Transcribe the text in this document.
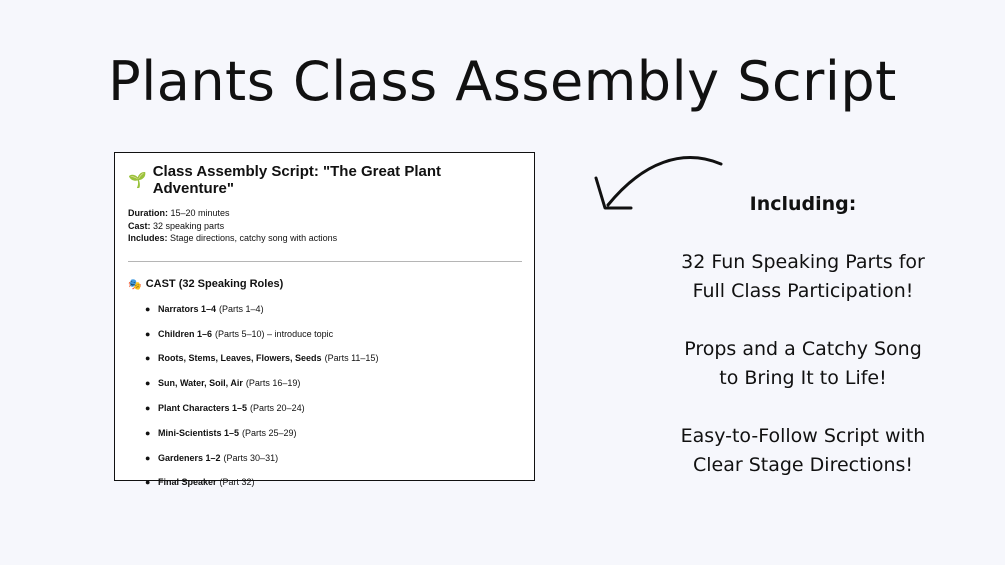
Plants Class Assembly Script
🌱
Class Assembly Script: "The Great Plant Adventure"
Duration: 15–20 minutes
Cast: 32 speaking parts
Includes: Stage directions, catchy song with actions
🎭 CAST (32 Speaking Roles)
● Narrators 1–4 (Parts 1–4)
● Children 1–6 (Parts 5–10) – introduce topic
● Roots, Stems, Leaves, Flowers, Seeds (Parts 11–15)
● Sun, Water, Soil, Air (Parts 16–19)
● Plant Characters 1–5 (Parts 20–24)
● Mini-Scientists 1–5 (Parts 25–29)
● Gardeners 1–2 (Parts 30–31)
● Final Speaker (Part 32)
Including:

32 Fun Speaking Parts for

Full Class Participation!

Props and a Catchy Song

to Bring It to Life!

Easy-to-Follow Script with

Clear Stage Directions!
